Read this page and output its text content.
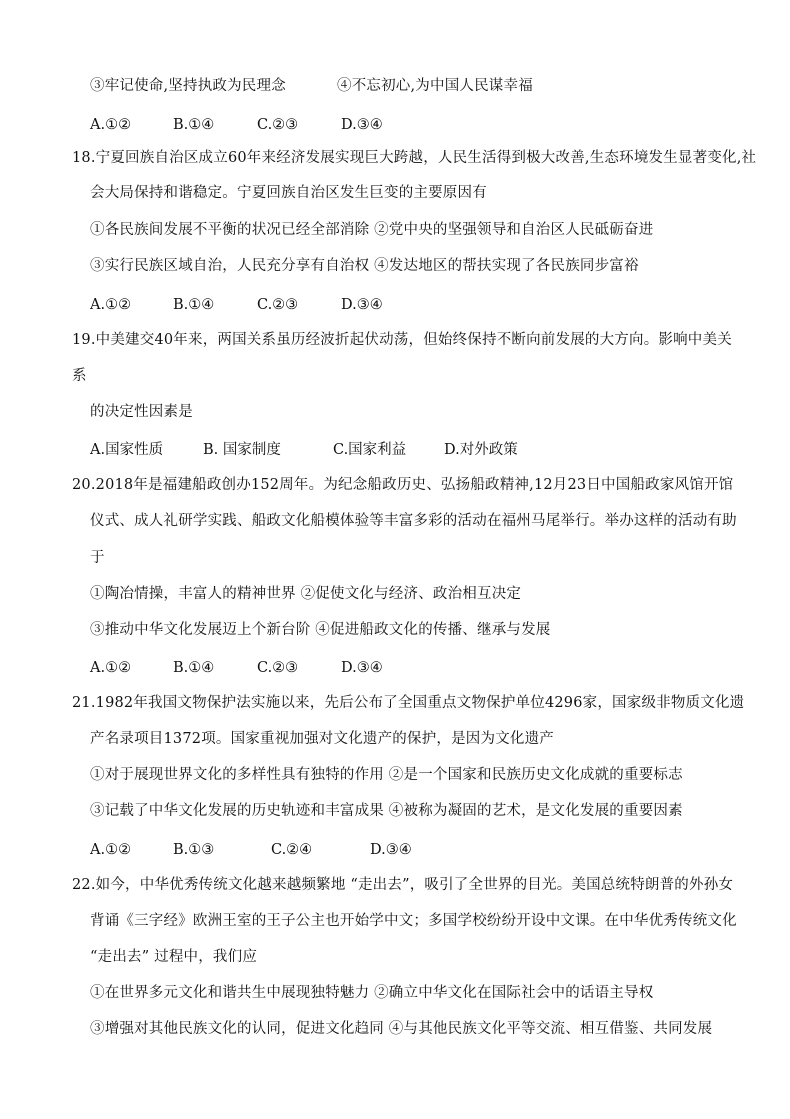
③牢记使命,坚持执政为民理念	④不忘初心,为中国人民谋幸福
A.①②	B.①④	C.②③	D.③④
18.宁夏回族自治区成立60年来经济发展实现巨大跨越，人民生活得到极大改善,生态环境发生显著变化,社
会大局保持和谐稳定。宁夏回族自治区发生巨变的主要原因有
①各民族间发展不平衡的状况已经全部消除 ②党中央的坚强领导和自治区人民砥砺奋进
③实行民族区域自治，人民充分享有自治权 ④发达地区的帮扶实现了各民族同步富裕
A.①②	B.①④	C.②③	D.③④
19.中美建交40年来，两国关系虽历经波折起伏动荡，但始终保持不断向前发展的大方向。影响中美关
系
的决定性因素是
A.国家性质	B. 国家制度	C.国家利益	D.对外政策
20.2018年是福建船政创办152周年。为纪念船政历史、弘扬船政精神,12月23日中国船政家风馆开馆
仪式、成人礼研学实践、船政文化船模体验等丰富多彩的活动在福州马尾举行。举办这样的活动有助
于
①陶冶情操，丰富人的精神世界 ②促使文化与经济、政治相互决定
③推动中华文化发展迈上个新台阶 ④促进船政文化的传播、继承与发展
A.①②	B.①④	C.②③	D.③④
21.1982年我国文物保护法实施以来，先后公布了全国重点文物保护单位4296家，国家级非物质文化遗
产名录项目1372项。国家重视加强对文化遗产的保护，是因为文化遗产
①对于展现世界文化的多样性具有独特的作用 ②是一个国家和民族历史文化成就的重要标志
③记载了中华文化发展的历史轨迹和丰富成果 ④被称为凝固的艺术，是文化发展的重要因素
A.①②	B.①③	C.②④	D.③④
22.如今，中华优秀传统文化越来越频繁地 “走出去”，吸引了全世界的目光。美国总统特朗普的外孙女
背诵《三字经》欧洲王室的王子公主也开始学中文；多国学校纷纷开设中文课。在中华优秀传统文化
“走出去” 过程中，我们应
①在世界多元文化和谐共生中展现独特魅力 ②确立中华文化在国际社会中的话语主导权
③增强对其他民族文化的认同，促进文化趋同 ④与其他民族文化平等交流、相互借鉴、共同发展
